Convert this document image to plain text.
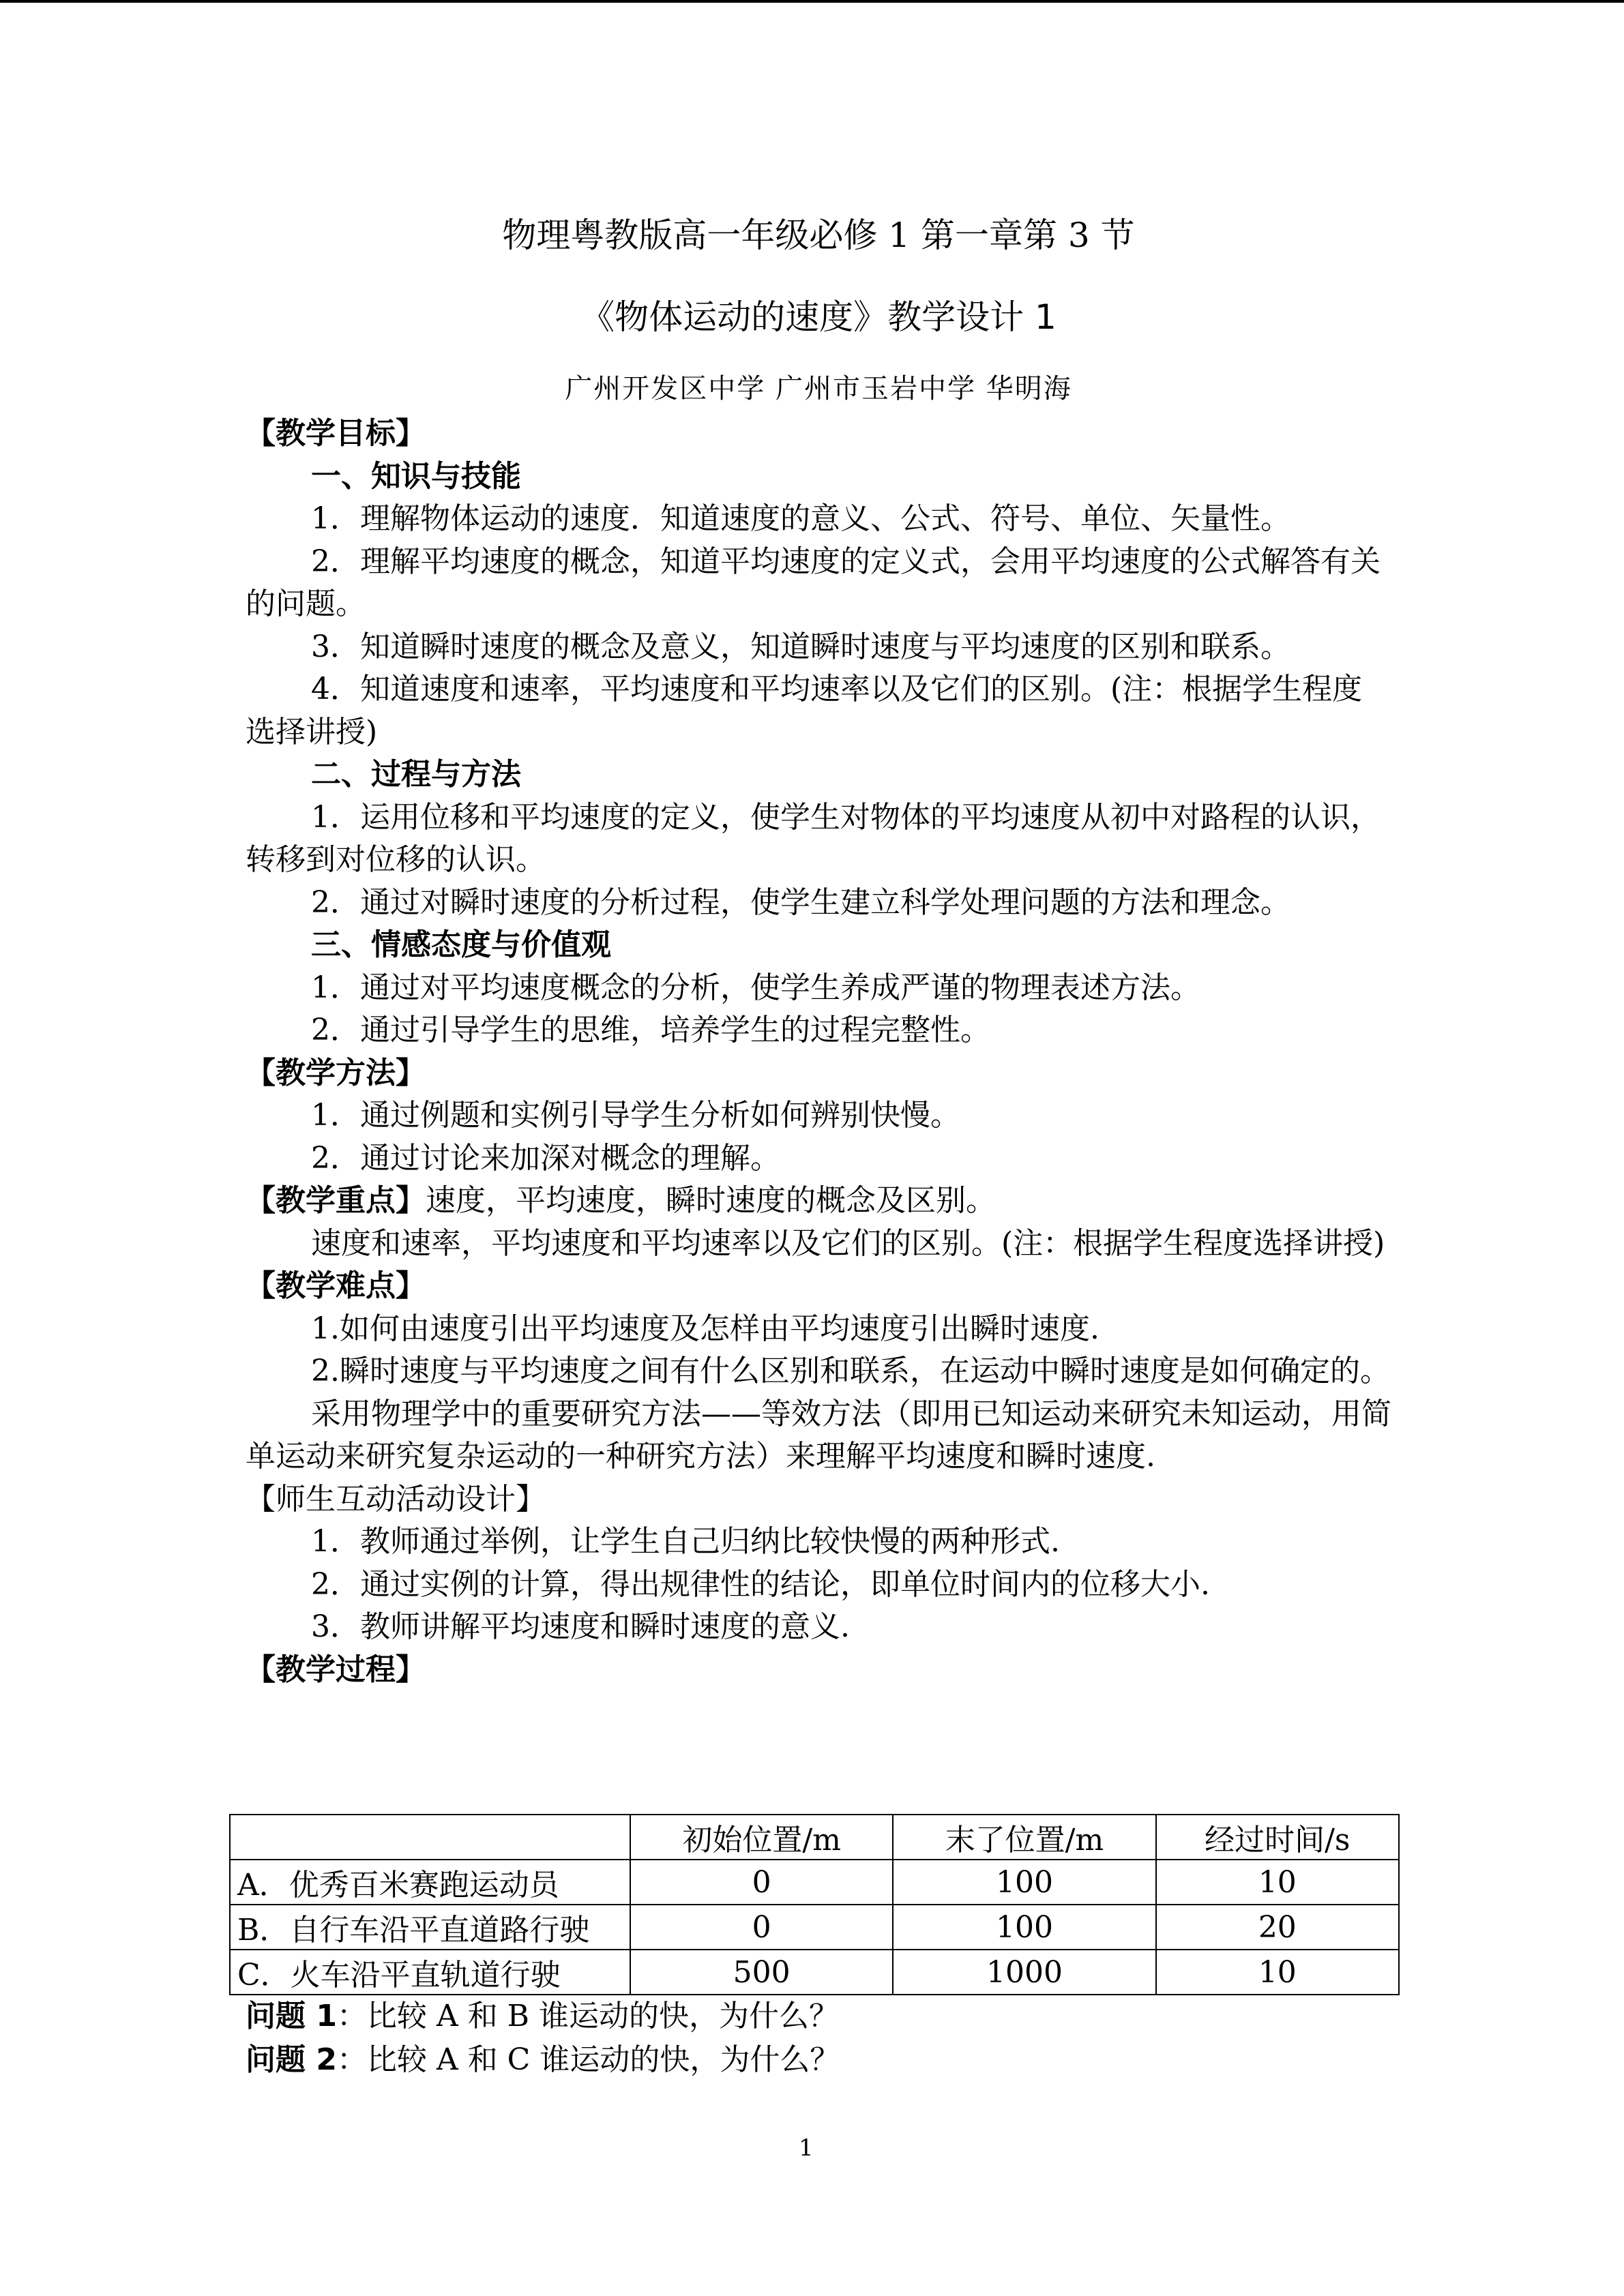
物理粤教版高一年级必修 1 第一章第 3 节
《物体运动的速度》教学设计 1
广州开发区中学 广州市玉岩中学 华明海

【教学目标】

一、知识与技能

1．理解物体运动的速度．知道速度的意义、公式、符号、单位、矢量性。

2．理解平均速度的概念，知道平均速度的定义式，会用平均速度的公式解答有关的问题。

3．知道瞬时速度的概念及意义，知道瞬时速度与平均速度的区别和联系。

4．知道速度和速率，平均速度和平均速率以及它们的区别。(注：根据学生程度选择讲授)

二、过程与方法

1．运用位移和平均速度的定义，使学生对物体的平均速度从初中对路程的认识，转移到对位移的认识。

2．通过对瞬时速度的分析过程，使学生建立科学处理问题的方法和理念。

三、情感态度与价值观

1．通过对平均速度概念的分析，使学生养成严谨的物理表述方法。

2．通过引导学生的思维，培养学生的过程完整性。

【教学方法】

1．通过例题和实例引导学生分析如何辨别快慢。

2．通过讨论来加深对概念的理解。

【教学重点】速度，平均速度，瞬时速度的概念及区别。

速度和速率，平均速度和平均速率以及它们的区别。(注：根据学生程度选择讲授)

【教学难点】

1.如何由速度引出平均速度及怎样由平均速度引出瞬时速度.

2.瞬时速度与平均速度之间有什么区别和联系，在运动中瞬时速度是如何确定的。

采用物理学中的重要研究方法——等效方法（即用已知运动来研究未知运动，用简单运动来研究复杂运动的一种研究方法）来理解平均速度和瞬时速度.

【师生互动活动设计】

1．教师通过举例，让学生自己归纳比较快慢的两种形式.

2．通过实例的计算，得出规律性的结论，即单位时间内的位移大小.

3．教师讲解平均速度和瞬时速度的意义.

【教学过程】

	初始位置/m	末了位置/m	经过时间/s
A．优秀百米赛跑运动员	0	100	10
B．自行车沿平直道路行驶	0	100	20
C．火车沿平直轨道行驶	500	1000	10

问题 1：比较 A 和 B 谁运动的快，为什么？

问题 2：比较 A 和 C 谁运动的快，为什么？

1
